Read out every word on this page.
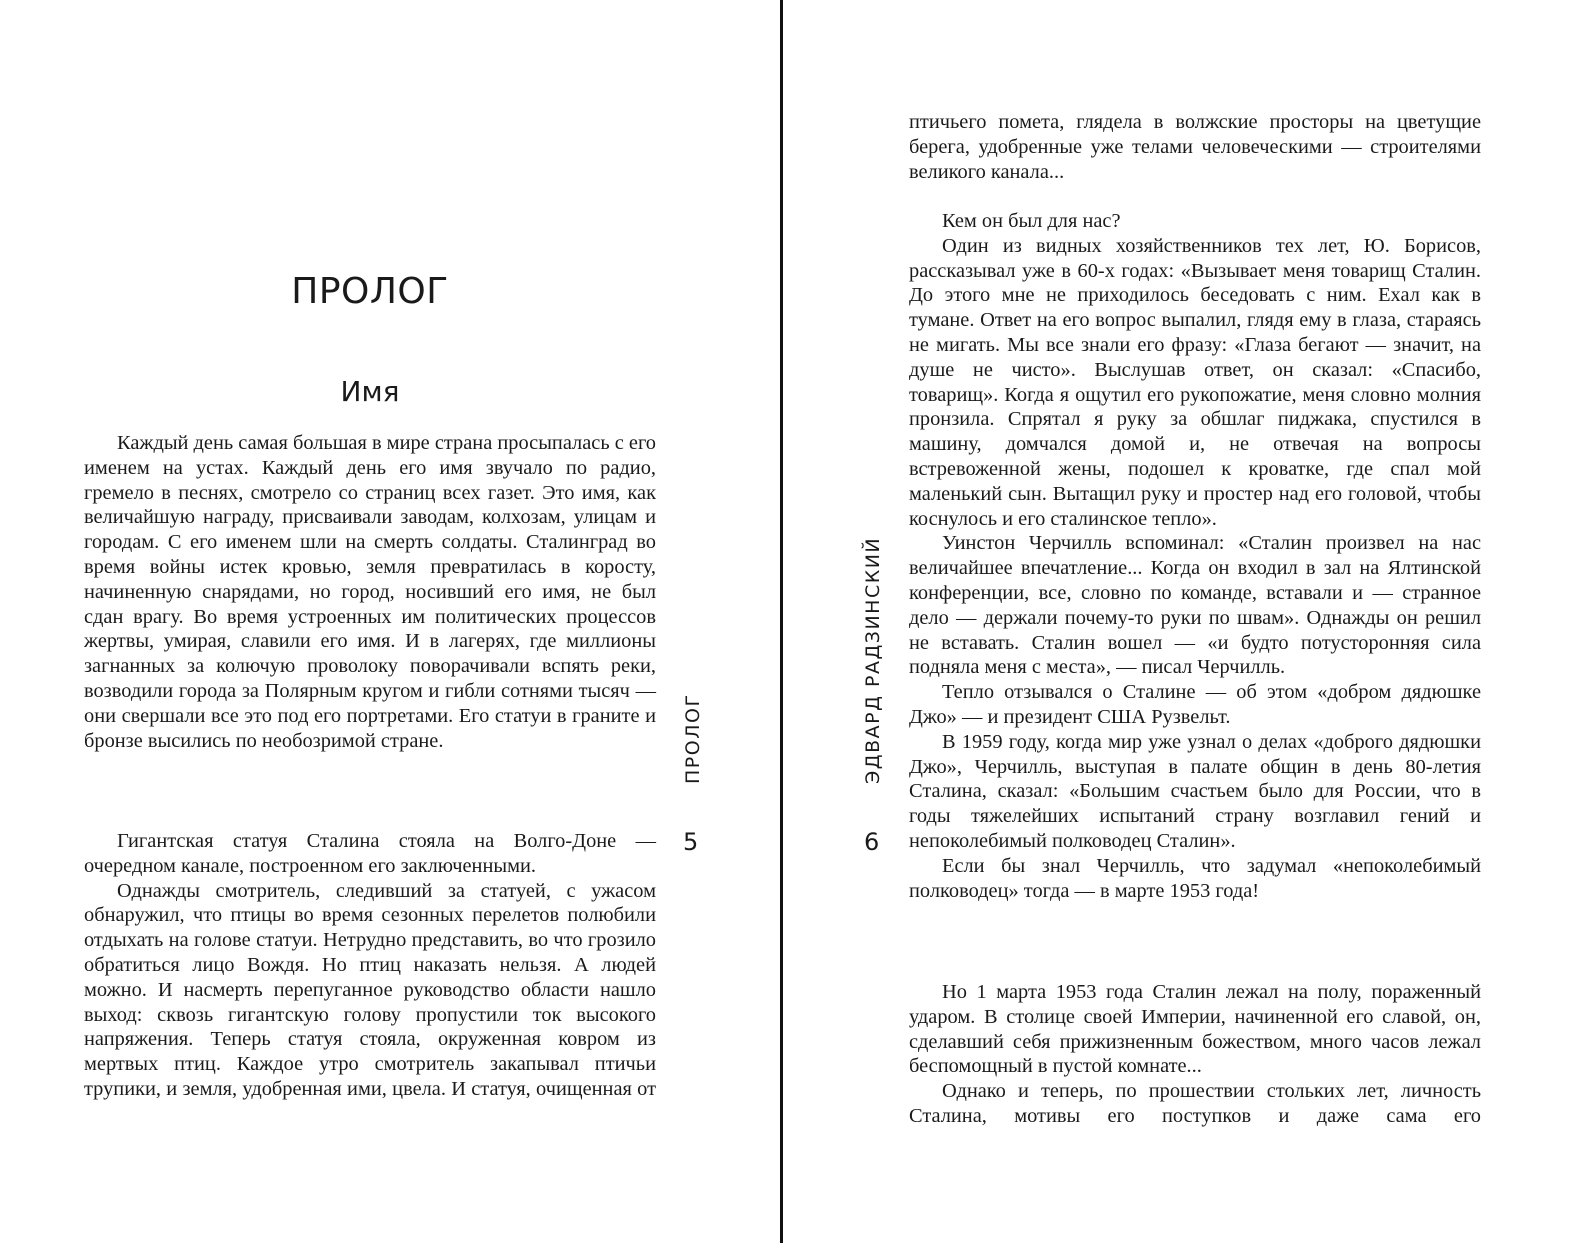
ПРОЛОГ
Имя

Каждый день самая большая в мире страна просыпалась с его именем на устах. Каждый день его имя звучало по радио, гремело в песнях, смотрело со страниц всех газет. Это имя, как величайшую награду, присваивали заводам, колхозам, улицам и городам. С его именем шли на смерть солдаты. Сталинград во время войны истек кровью, земля превратилась в коросту, начиненную снарядами, но город, носивший его имя, не был сдан врагу. Во время устроенных им политических процессов жертвы, умирая, славили его имя. И в лагерях, где миллионы загнанных за колючую проволоку поворачивали вспять реки, возводили города за Полярным кругом и гибли сотнями тысяч — они свершали все это под его портретами. Его статуи в граните и бронзе высились по необозримой стране.

Гигантская статуя Сталина стояла на Волго-Доне — очередном канале, построенном его заключенными.

Однажды смотритель, следивший за статуей, с ужасом обнаружил, что птицы во время сезонных перелетов полюбили отдыхать на голове статуи. Нетрудно представить, во что грозило обратиться лицо Вождя. Но птиц наказать нельзя. А людей можно. И насмерть перепуганное руководство области нашло выход: сквозь гигантскую голову пропустили ток высокого напряжения. Теперь статуя стояла, окруженная ковром из мертвых птиц. Каждое утро смотритель закапывал птичьи трупики, и земля, удобренная ими, цвела. И статуя, очищенная от

ПРОЛОГ
5
ЭДВАРД РАДЗИНСКИЙ
6

птичьего помета, глядела в волжские просторы на цветущие берега, удобренные уже телами человеческими — строителями великого канала...

Кем он был для нас?

Один из видных хозяйственников тех лет, Ю. Борисов, рассказывал уже в 60-х годах: «Вызывает меня товарищ Сталин. До этого мне не приходилось беседовать с ним. Ехал как в тумане. Ответ на его вопрос выпалил, глядя ему в глаза, стараясь не мигать. Мы все знали его фразу: «Глаза бегают — значит, на душе не чисто». Выслушав ответ, он сказал: «Спасибо, товарищ». Когда я ощутил его рукопожатие, меня словно молния пронзила. Спрятал я руку за обшлаг пиджака, спустился в машину, домчался домой и, не отвечая на вопросы встревоженной жены, подошел к кроватке, где спал мой маленький сын. Вытащил руку и простер над его головой, чтобы коснулось и его сталинское тепло».

Уинстон Черчилль вспоминал: «Сталин произвел на нас величайшее впечатление... Когда он входил в зал на Ялтинской конференции, все, словно по команде, вставали и — странное дело — держали почему-то руки по швам». Однажды он решил не вставать. Сталин вошел — «и будто потусторонняя сила подняла меня с места», — писал Черчилль.

Тепло отзывался о Сталине — об этом «добром дядюшке Джо» — и президент США Рузвельт.

В 1959 году, когда мир уже узнал о делах «доброго дядюшки Джо», Черчилль, выступая в палате общин в день 80-летия Сталина, сказал: «Большим счастьем было для России, что в годы тяжелейших испытаний страну возглавил гений и непоколебимый полководец Сталин».

Если бы знал Черчилль, что задумал «непоколебимый полководец» тогда — в марте 1953 года!

Но 1 марта 1953 года Сталин лежал на полу, пораженный ударом. В столице своей Империи, начиненной его славой, он, сделавший себя прижизненным божеством, много часов лежал беспомощный в пустой комнате...

Однако и теперь, по прошествии стольких лет, личность Сталина, мотивы его поступков и даже сама его
